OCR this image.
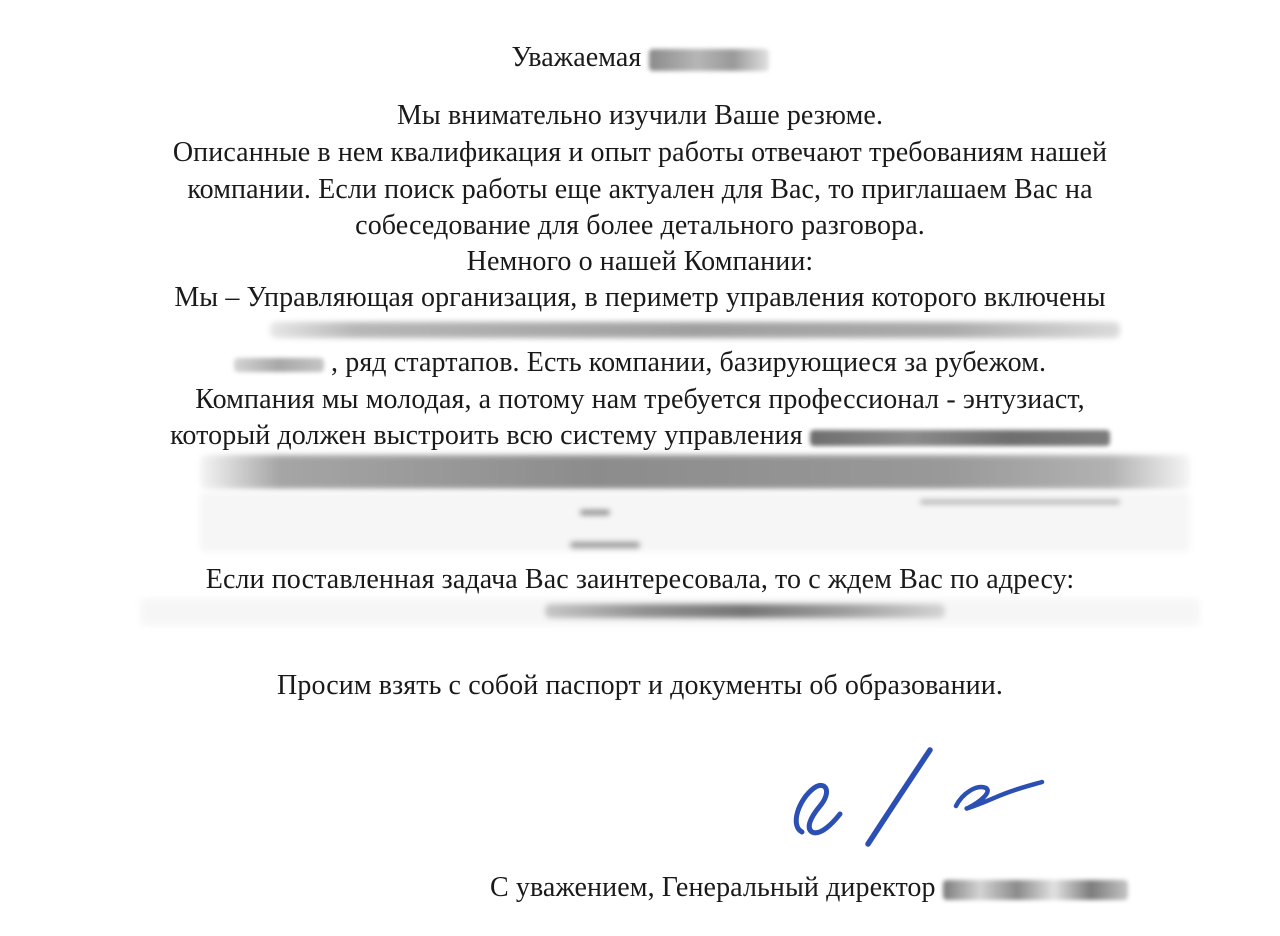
Уважаемая
Мы внимательно изучили Ваше резюме.
Описанные в нем квалификация и опыт работы отвечают требованиям нашей
компании. Если поиск работы еще актуален для Вас, то приглашаем Вас на
собеседование для более детального разговора.
Немного о нашей Компании:
Мы – Управляющая организация, в периметр управления которого включены
, ряд стартапов. Есть компании, базирующиеся за рубежом.
Компания мы молодая, а потому нам требуется профессионал - энтузиаст,
который должен выстроить всю систему управления
Если поставленная задача Вас заинтересовала, то с ждем Вас по адресу:
Просим взять с собой паспорт и документы об образовании.
С уважением, Генеральный директор
